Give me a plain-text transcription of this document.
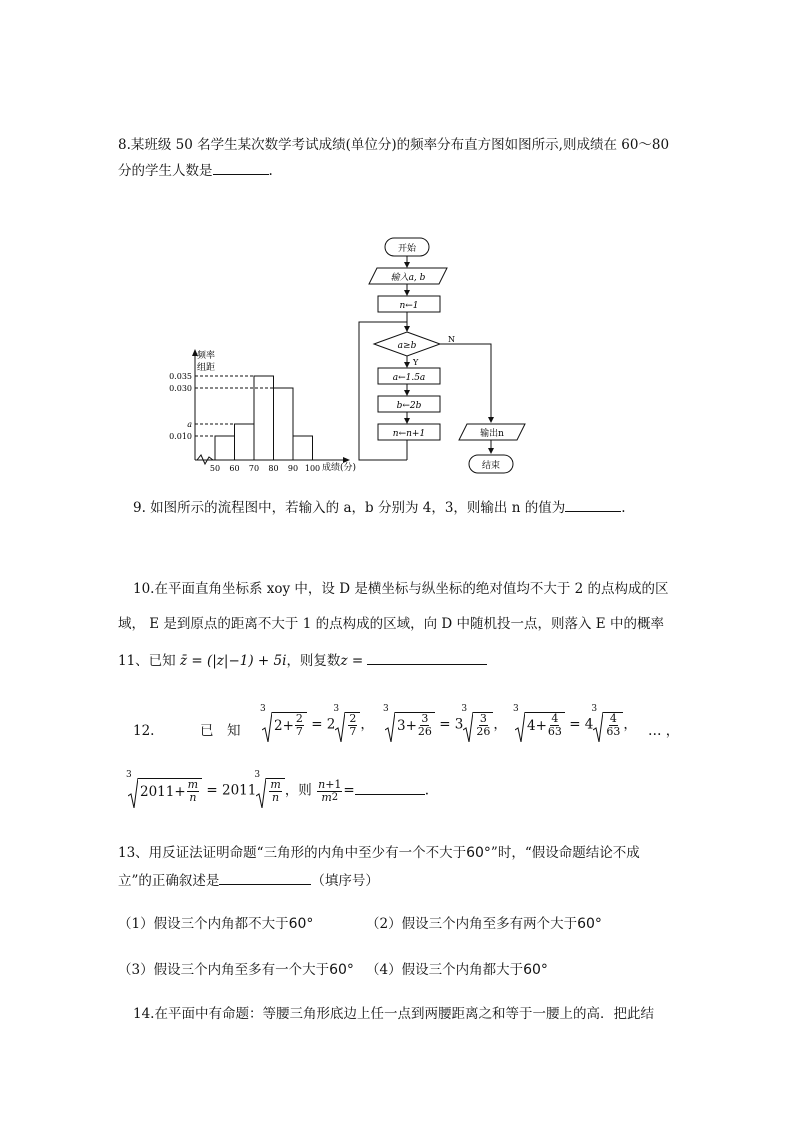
8.某班级 50 名学生某次数学考试成绩(单位分)的频率分布直方图如图所示,则成绩在 60～80
分的学生人数是	.
0.035
0.030
a
0.010
50 60 70 80 90 100
频率
组距
成绩(分)
开始
输入a, b
n←1
a≥b
Y
N
a←1.5a
b←2b
n←n+1	输出n
结束
9. 如图所示的流程图中，若输入的 a，b 分别为 4，3，则输出 n 的值为	.
10.在平面直角坐标系 xoy 中，设 D 是横坐标与纵坐标的绝对值均不大于 2 的点构成的区
域， E 是到原点的距离不大于 1 的点构成的区域，向 D 中随机投一点，则落入 E 中的概率
11、已知 z̄ = (|z|−1) + 5i，则复数z =
12.	已　知
3
$2+ \frac{2}{7} = 2$
3
$\frac{2}{7}$ ，
3
$3+ \frac{3}{26} = 3$
3
$\frac{3}{26}$ ，
3
$4+ \frac{4}{63} = 4$
3
$\frac{4}{63}$ ， … ，
3
$2011+ \frac{m}{n} = 2011$
3
$\frac{m}{n}$ ，则 $\frac{n+1}{m2}$ =	.
13、用反证法证明命题“三角形的内角中至少有一个不大于60°”时，“假设命题结论不成
立”的正确叙述是	（填序号）
（1）假设三个内角都不大于60°	（2）假设三个内角至多有两个大于60°
（3）假设三个内角至多有一个大于60° （4）假设三个内角都大于60°
14.在平面中有命题：等腰三角形底边上任一点到两腰距离之和等于一腰上的高．把此结
